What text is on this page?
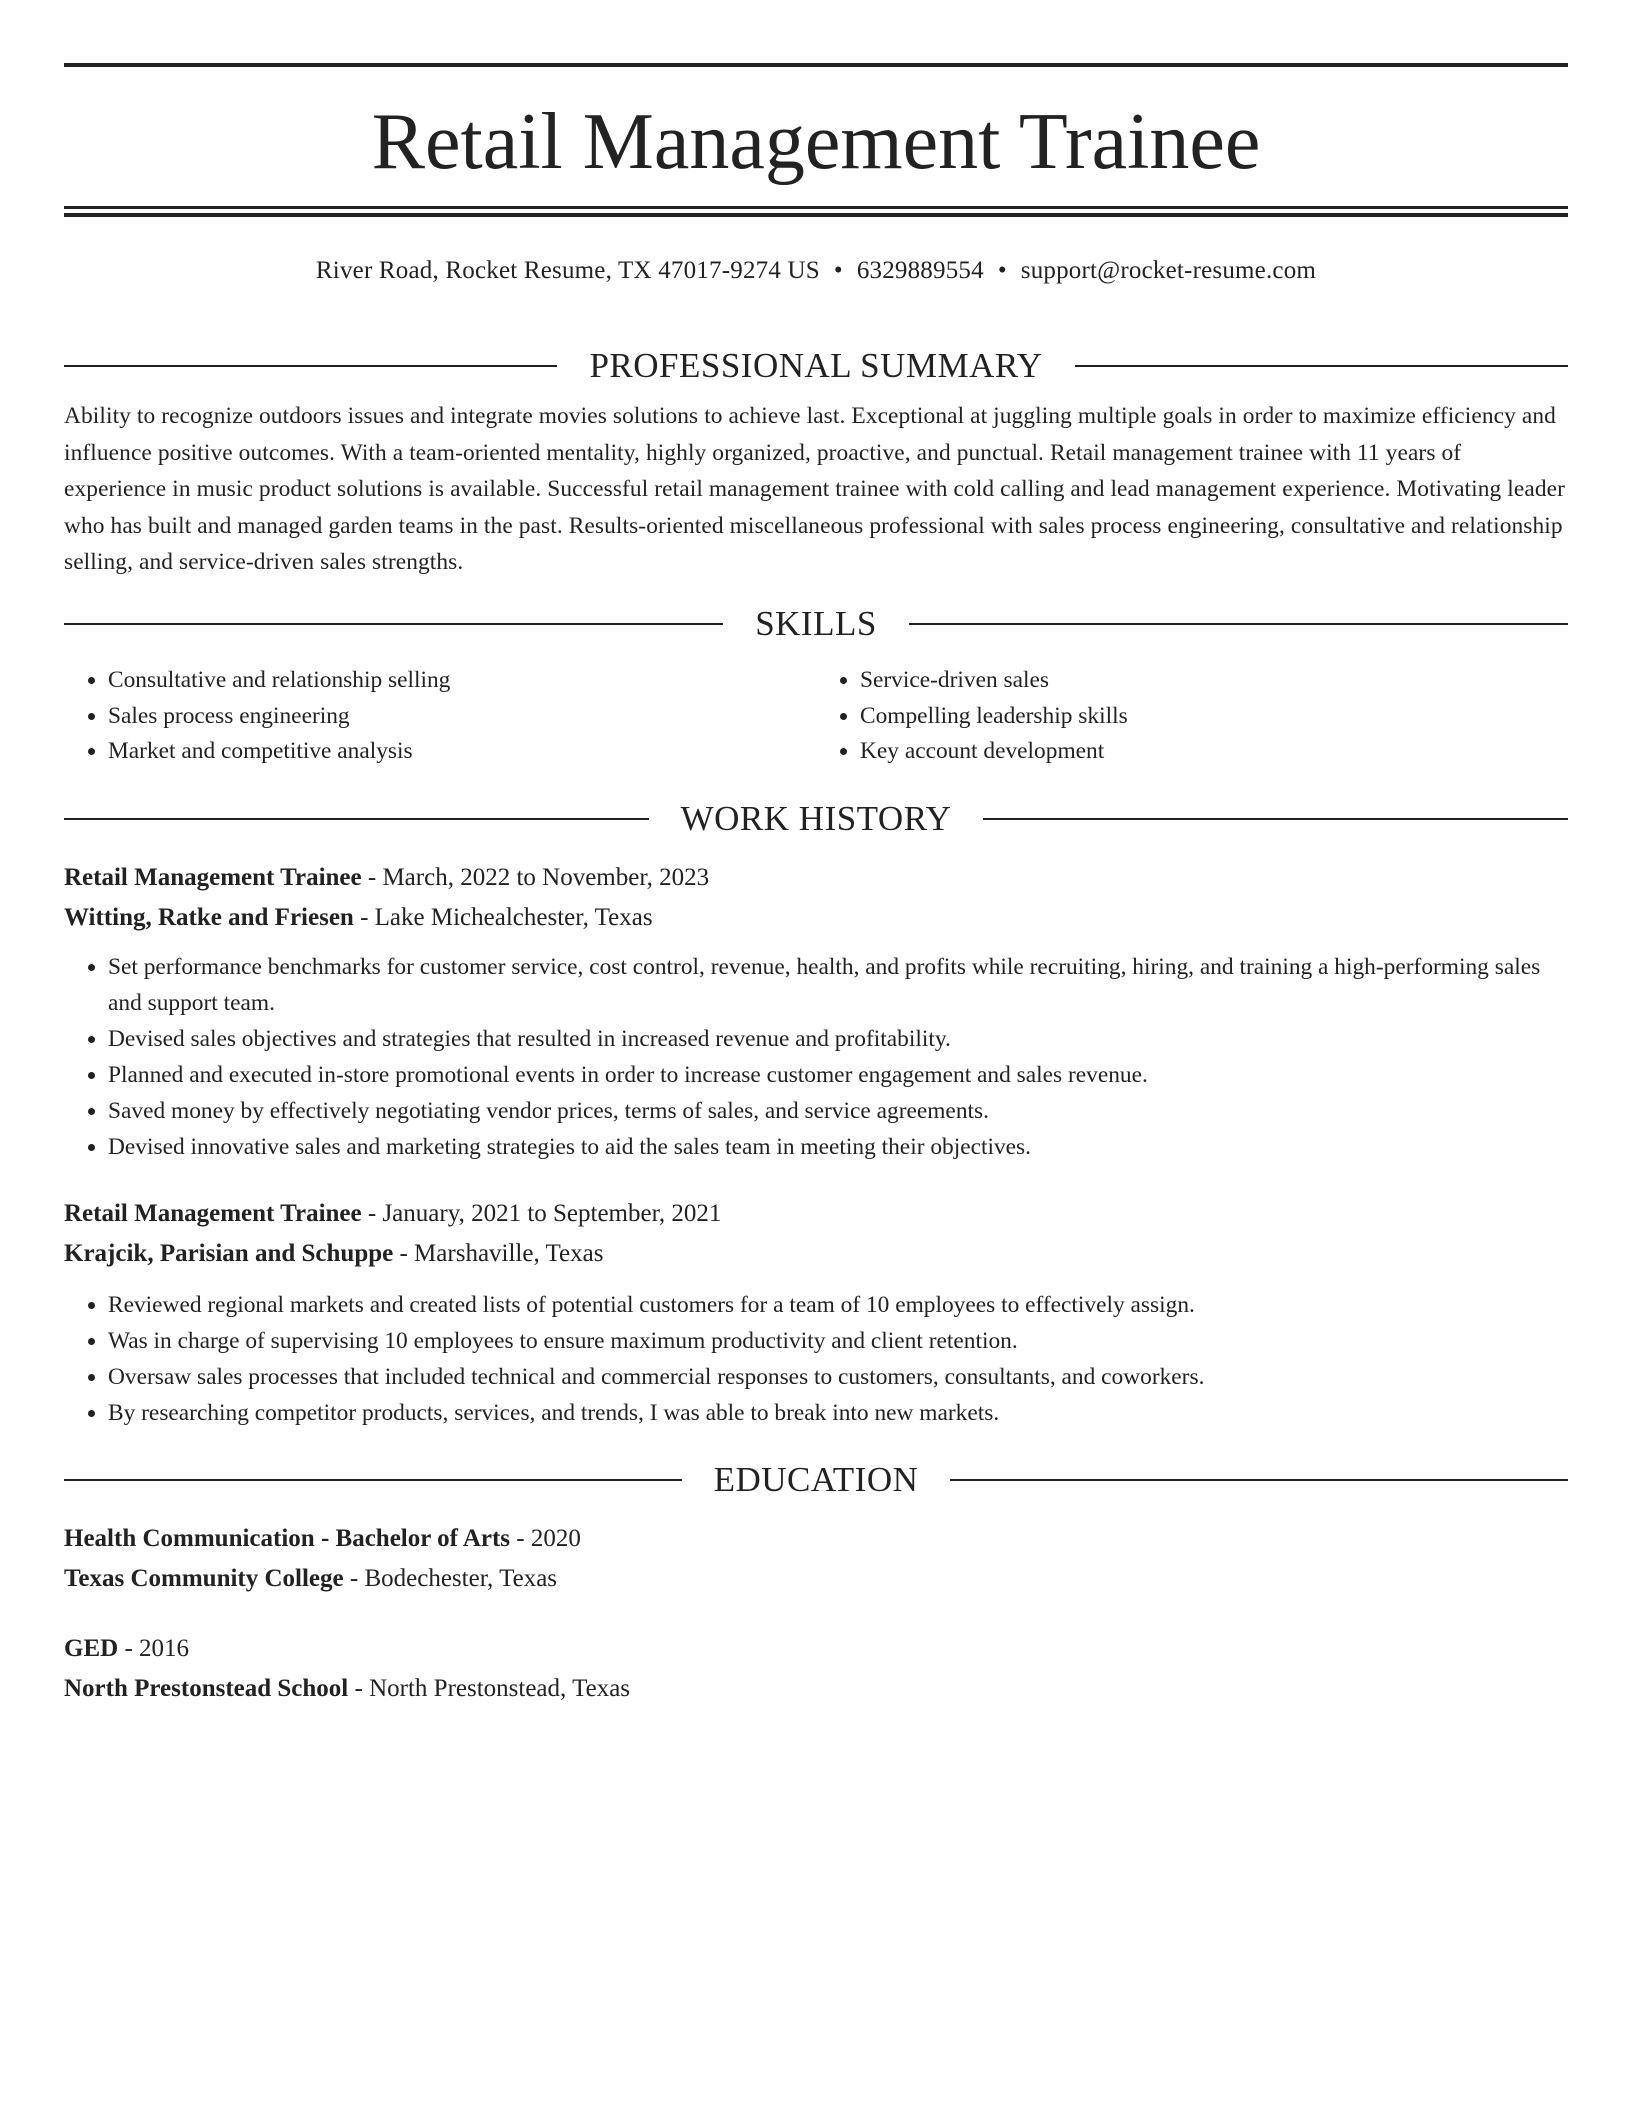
Retail Management Trainee
River Road, Rocket Resume, TX 47017-9274 US • 6329889554 • support@rocket-resume.com
PROFESSIONAL SUMMARY
Ability to recognize outdoors issues and integrate movies solutions to achieve last. Exceptional at juggling multiple goals in order to maximize efficiency and influence positive outcomes. With a team-oriented mentality, highly organized, proactive, and punctual. Retail management trainee with 11 years of experience in music product solutions is available. Successful retail management trainee with cold calling and lead management experience. Motivating leader who has built and managed garden teams in the past. Results-oriented miscellaneous professional with sales process engineering, consultative and relationship selling, and service-driven sales strengths.
SKILLS
• Consultative and relationship selling
• Sales process engineering
• Market and competitive analysis
• Service-driven sales
• Compelling leadership skills
• Key account development
WORK HISTORY
Retail Management Trainee - March, 2022 to November, 2023
Witting, Ratke and Friesen - Lake Michealchester, Texas
• Set performance benchmarks for customer service, cost control, revenue, health, and profits while recruiting, hiring, and training a high-performing sales and support team.
• Devised sales objectives and strategies that resulted in increased revenue and profitability.
• Planned and executed in-store promotional events in order to increase customer engagement and sales revenue.
• Saved money by effectively negotiating vendor prices, terms of sales, and service agreements.
• Devised innovative sales and marketing strategies to aid the sales team in meeting their objectives.
Retail Management Trainee - January, 2021 to September, 2021
Krajcik, Parisian and Schuppe - Marshaville, Texas
• Reviewed regional markets and created lists of potential customers for a team of 10 employees to effectively assign.
• Was in charge of supervising 10 employees to ensure maximum productivity and client retention.
• Oversaw sales processes that included technical and commercial responses to customers, consultants, and coworkers.
• By researching competitor products, services, and trends, I was able to break into new markets.
EDUCATION
Health Communication - Bachelor of Arts - 2020
Texas Community College - Bodechester, Texas
GED - 2016
North Prestonstead School - North Prestonstead, Texas
